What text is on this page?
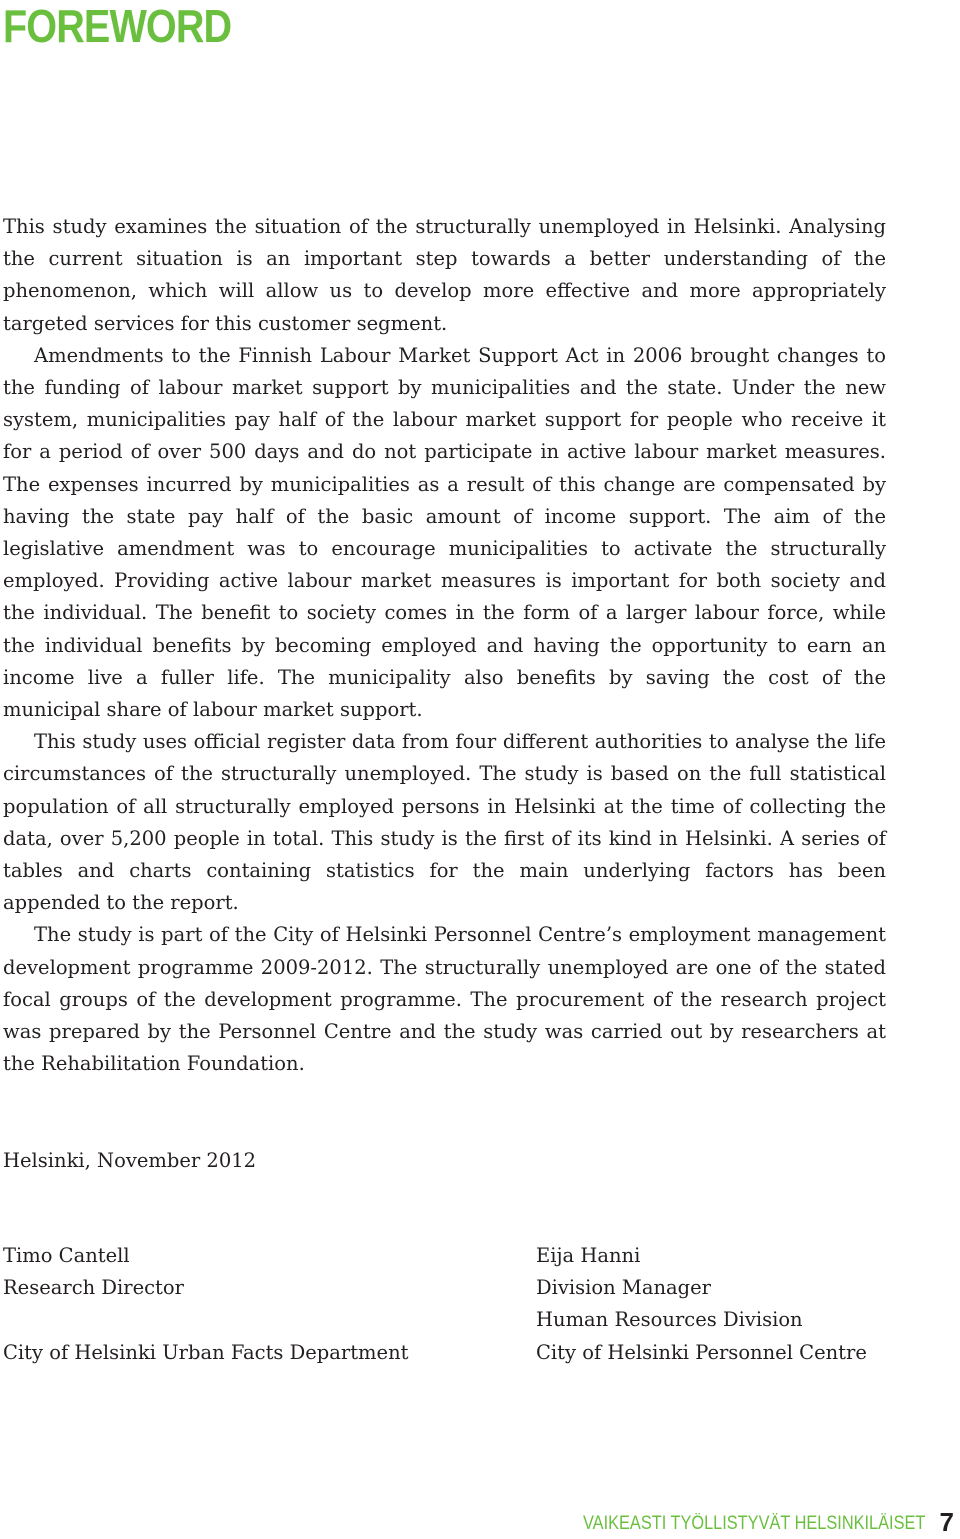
FOREWORD

This study examines the situation of the structurally unemployed in Helsinki. Analysing the current situation is an important step towards a better understanding of the phenomenon, which will allow us to develop more effective and more appropriately targeted services for this customer segment.

Amendments to the Finnish Labour Market Support Act in 2006 brought changes to the funding of labour market support by municipalities and the state. Under the new system, municipalities pay half of the labour market support for people who receive it for a period of over 500 days and do not participate in active labour market measures. The expenses incurred by municipalities as a result of this change are compensated by having the state pay half of the basic amount of income support. The aim of the legislative amendment was to encourage municipalities to activate the structurally employed. Providing active labour market measures is important for both society and the individual. The benefit to society comes in the form of a larger labour force, while the individual benefits by becoming employed and having the opportunity to earn an income live a fuller life. The municipality also benefits by saving the cost of the municipal share of labour market support.

This study uses official register data from four different authorities to analyse the life circumstances of the structurally unemployed. The study is based on the full statistical population of all structurally employed persons in Helsinki at the time of collecting the data, over 5,200 people in total. This study is the first of its kind in Helsinki. A series of tables and charts containing statistics for the main underlying factors has been appended to the report.

The study is part of the City of Helsinki Personnel Centre’s employment management development programme 2009-2012. The structurally unemployed are one of the stated focal groups of the development programme. The procurement of the research project was prepared by the Personnel Centre and the study was carried out by researchers at the Rehabilitation Foundation.

Helsinki, November 2012
Timo Cantell
Research Director
City of Helsinki Urban Facts Department
Eija Hanni
Division Manager
Human Resources Division
City of Helsinki Personnel Centre
VAIKEASTI TYÖLLISTYVÄT HELSINKILÄISET 7
